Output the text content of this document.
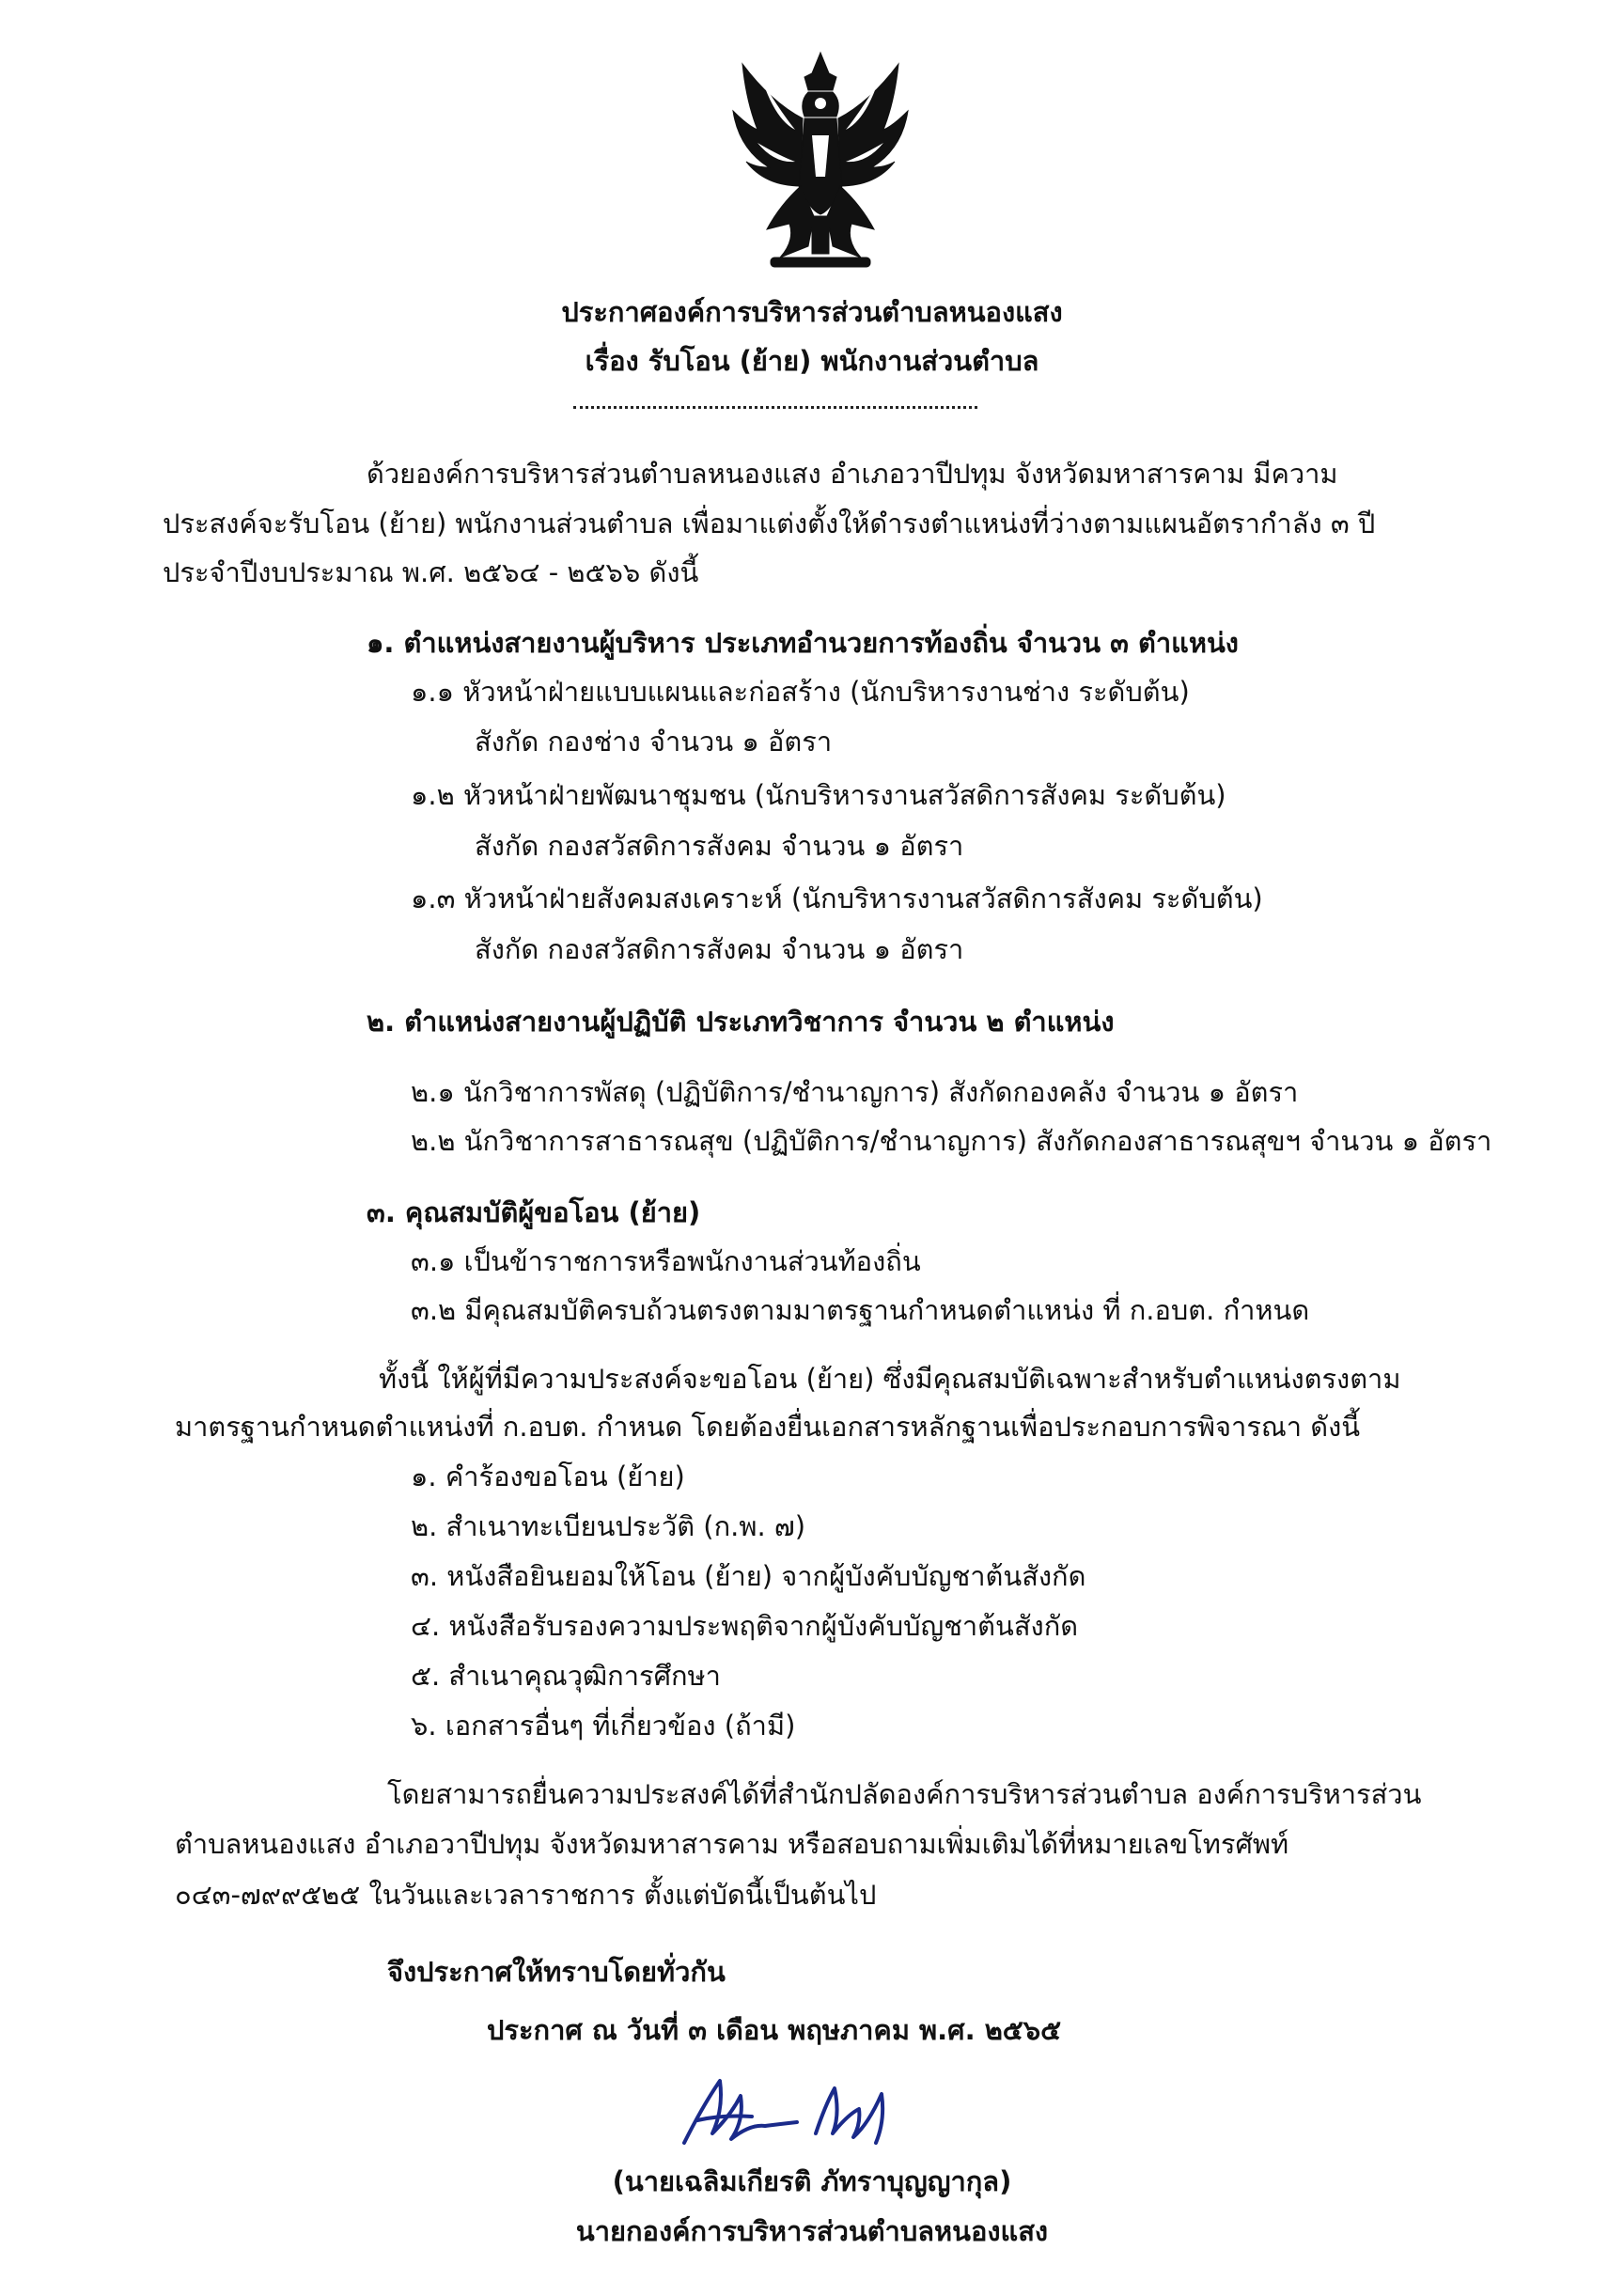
ประกาศองค์การบริหารส่วนตำบลหนองแสง
เรื่อง รับโอน (ย้าย) พนักงานส่วนตำบล
ด้วยองค์การบริหารส่วนตำบลหนองแสง อำเภอวาปีปทุม จังหวัดมหาสารคาม มีความ
ประสงค์จะรับโอน (ย้าย) พนักงานส่วนตำบล เพื่อมาแต่งตั้งให้ดำรงตำแหน่งที่ว่างตามแผนอัตรากำลัง ๓ ปี
ประจำปีงบประมาณ พ.ศ. ๒๕๖๔ - ๒๕๖๖ ดังนี้
๑. ตำแหน่งสายงานผู้บริหาร ประเภทอำนวยการท้องถิ่น จำนวน ๓ ตำแหน่ง
๑.๑ หัวหน้าฝ่ายแบบแผนและก่อสร้าง (นักบริหารงานช่าง ระดับต้น)
สังกัด กองช่าง จำนวน ๑ อัตรา
๑.๒ หัวหน้าฝ่ายพัฒนาชุมชน (นักบริหารงานสวัสดิการสังคม ระดับต้น)
สังกัด กองสวัสดิการสังคม จำนวน ๑ อัตรา
๑.๓ หัวหน้าฝ่ายสังคมสงเคราะห์ (นักบริหารงานสวัสดิการสังคม ระดับต้น)
สังกัด กองสวัสดิการสังคม จำนวน ๑ อัตรา
๒. ตำแหน่งสายงานผู้ปฏิบัติ ประเภทวิชาการ จำนวน ๒ ตำแหน่ง
๒.๑ นักวิชาการพัสดุ (ปฏิบัติการ/ชำนาญการ) สังกัดกองคลัง จำนวน ๑ อัตรา
๒.๒ นักวิชาการสาธารณสุข (ปฏิบัติการ/ชำนาญการ) สังกัดกองสาธารณสุขฯ จำนวน ๑ อัตรา
๓. คุณสมบัติผู้ขอโอน (ย้าย)
๓.๑ เป็นข้าราชการหรือพนักงานส่วนท้องถิ่น
๓.๒ มีคุณสมบัติครบถ้วนตรงตามมาตรฐานกำหนดตำแหน่ง ที่ ก.อบต. กำหนด
ทั้งนี้ ให้ผู้ที่มีความประสงค์จะขอโอน (ย้าย) ซึ่งมีคุณสมบัติเฉพาะสำหรับตำแหน่งตรงตาม
มาตรฐานกำหนดตำแหน่งที่ ก.อบต. กำหนด โดยต้องยื่นเอกสารหลักฐานเพื่อประกอบการพิจารณา ดังนี้
๑. คำร้องขอโอน (ย้าย)
๒. สำเนาทะเบียนประวัติ (ก.พ. ๗)
๓. หนังสือยินยอมให้โอน (ย้าย) จากผู้บังคับบัญชาต้นสังกัด
๔. หนังสือรับรองความประพฤติจากผู้บังคับบัญชาต้นสังกัด
๕. สำเนาคุณวุฒิการศึกษา
๖. เอกสารอื่นๆ ที่เกี่ยวข้อง (ถ้ามี)
โดยสามารถยื่นความประสงค์ได้ที่สำนักปลัดองค์การบริหารส่วนตำบล องค์การบริหารส่วน
ตำบลหนองแสง อำเภอวาปีปทุม จังหวัดมหาสารคาม หรือสอบถามเพิ่มเติมได้ที่หมายเลขโทรศัพท์
๐๔๓-๗๙๙๕๒๕ ในวันและเวลาราชการ ตั้งแต่บัดนี้เป็นต้นไป
จึงประกาศให้ทราบโดยทั่วกัน
ประกาศ ณ วันที่ ๓ เดือน พฤษภาคม พ.ศ. ๒๕๖๕
(นายเฉลิมเกียรติ ภัทราบุญญากุล)
นายกองค์การบริหารส่วนตำบลหนองแสง
